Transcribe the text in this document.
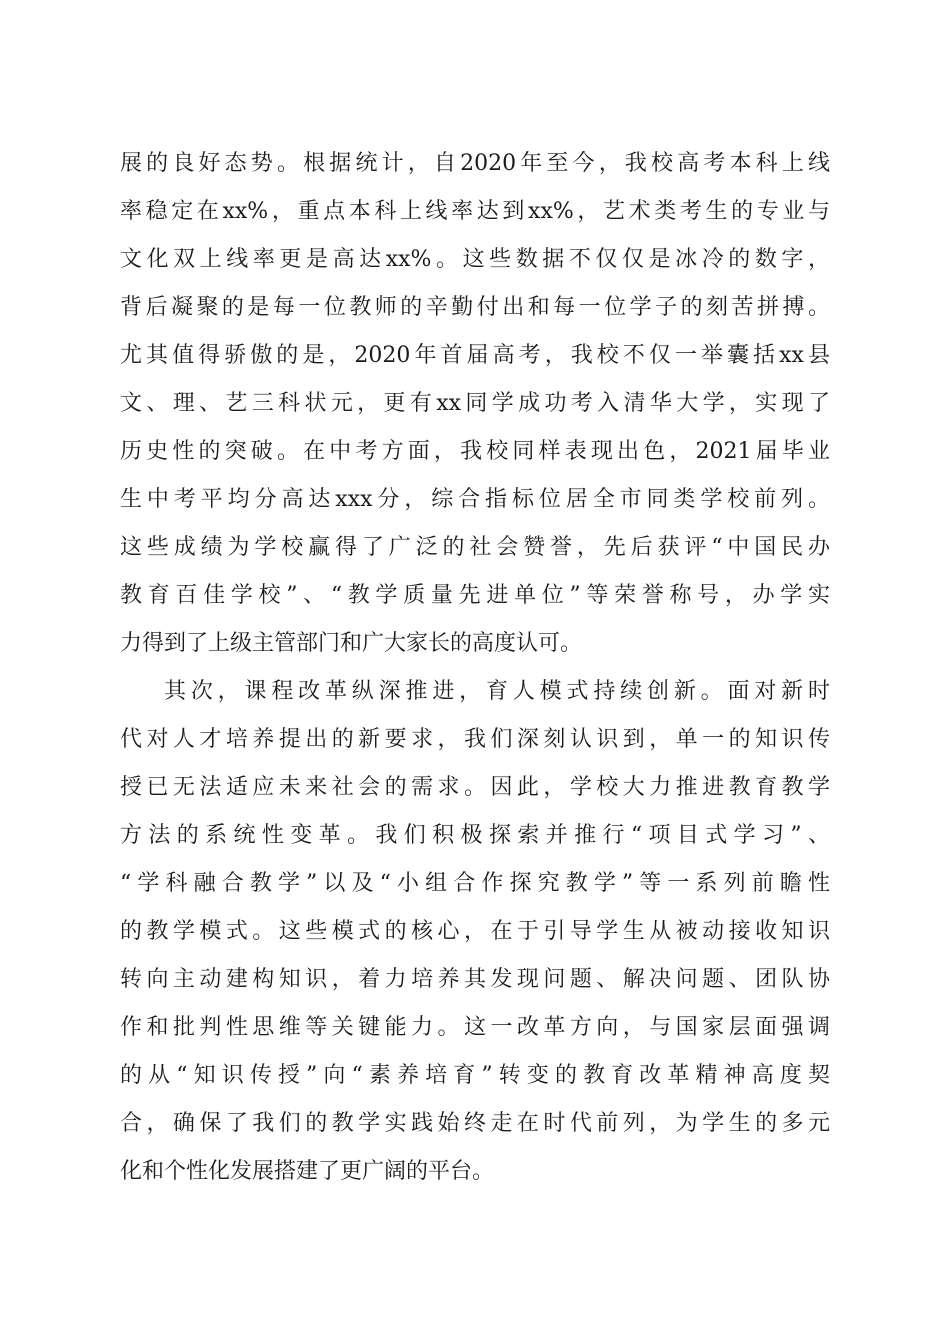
展的良好态势。根据统计，自2020年至今，我校高考本科上线
率稳定在xx%，重点本科上线率达到xx%，艺术类考生的专业与
文化双上线率更是高达xx%。这些数据不仅仅是冰冷的数字，
背后凝聚的是每一位教师的辛勤付出和每一位学子的刻苦拼搏。
尤其值得骄傲的是，2020年首届高考，我校不仅一举囊括xx县
文、理、艺三科状元，更有xx同学成功考入清华大学，实现了
历史性的突破。在中考方面，我校同样表现出色，2021届毕业
生中考平均分高达xxx分，综合指标位居全市同类学校前列。
这些成绩为学校赢得了广泛的社会赞誉，先后获评“中国民办
教育百佳学校”、“教学质量先进单位”等荣誉称号，办学实
力得到了上级主管部门和广大家长的高度认可。
其次，课程改革纵深推进，育人模式持续创新。面对新时
代对人才培养提出的新要求，我们深刻认识到，单一的知识传
授已无法适应未来社会的需求。因此，学校大力推进教育教学
方法的系统性变革。我们积极探索并推行“项目式学习”、
“学科融合教学”以及“小组合作探究教学”等一系列前瞻性
的教学模式。这些模式的核心，在于引导学生从被动接收知识
转向主动建构知识，着力培养其发现问题、解决问题、团队协
作和批判性思维等关键能力。这一改革方向，与国家层面强调
的从“知识传授”向“素养培育”转变的教育改革精神高度契
合，确保了我们的教学实践始终走在时代前列，为学生的多元
化和个性化发展搭建了更广阔的平台。
